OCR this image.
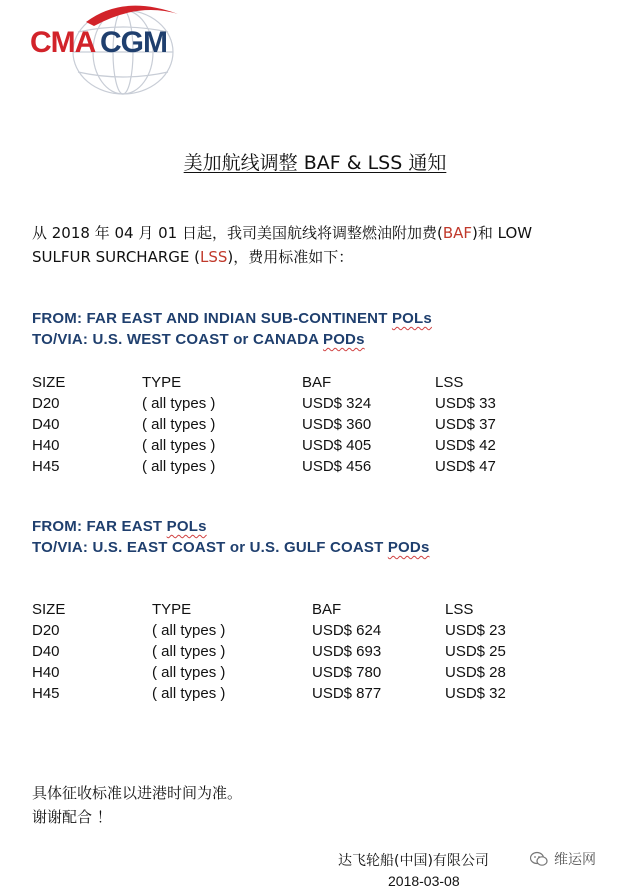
CMA CGM
美加航线调整 BAF & LSS 通知
从 2018 年 04 月 01 日起，我司美国航线将调整燃油附加费(BAF)和 LOW
SULFUR SURCHARGE (LSS)，费用标准如下：
FROM: FAR EAST AND INDIAN SUB-CONTINENT POLs
TO/VIA: U.S. WEST COAST or CANADA PODs
SIZE	TYPE	BAF	LSS
D20	( all types )	USD$ 324	USD$ 33
D40	( all types )	USD$ 360	USD$ 37
H40	( all types )	USD$ 405	USD$ 42
H45	( all types )	USD$ 456	USD$ 47
FROM: FAR EAST POLs
TO/VIA: U.S. EAST COAST or U.S. GULF COAST PODs
SIZE	TYPE	BAF	LSS
D20	( all types )	USD$ 624	USD$ 23
D40	( all types )	USD$ 693	USD$ 25
H40	( all types )	USD$ 780	USD$ 28
H45	( all types )	USD$ 877	USD$ 32
具体征收标准以进港时间为准。
谢谢配合 ！
达飞轮船(中国)有限公司
2018-03-08
维运网
